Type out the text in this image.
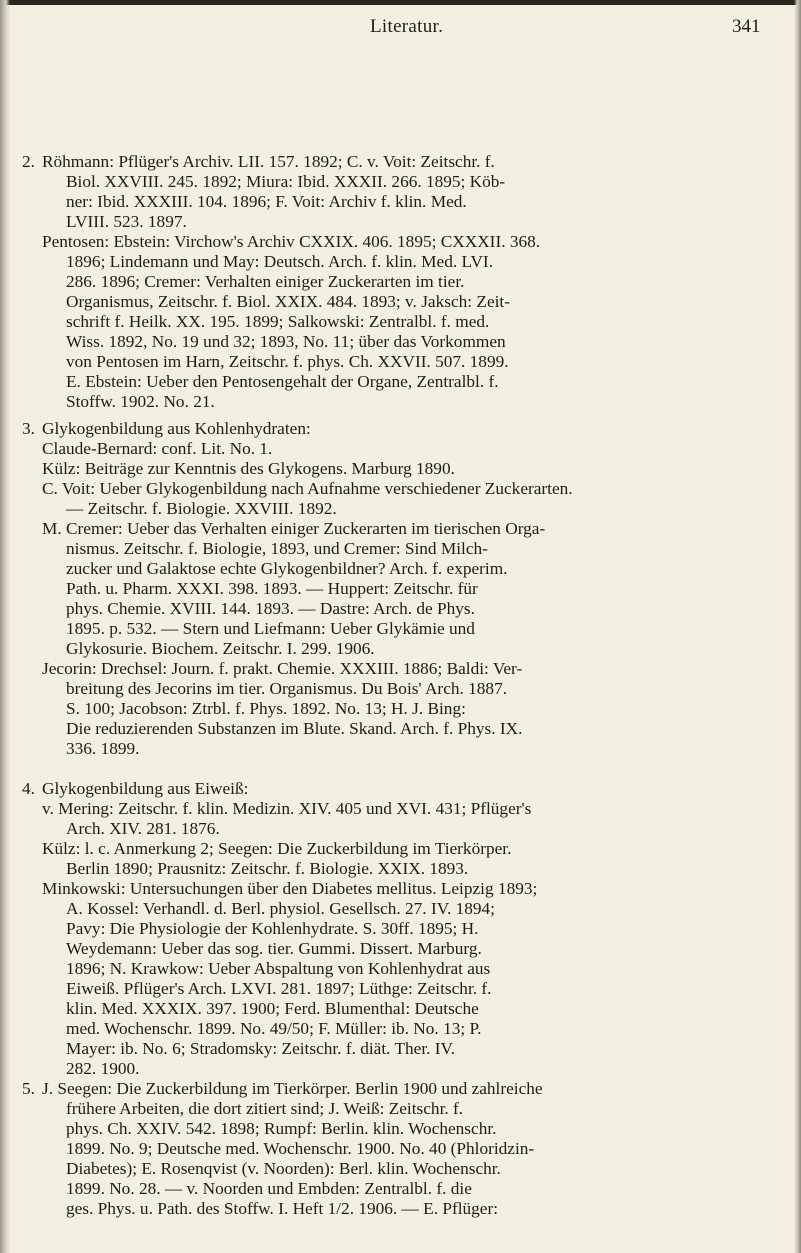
Literatur.	341
2. Röhmann: Pflüger's Archiv. LII. 157. 1892; C. v. Voit: Zeitschr. f.
Biol. XXVIII. 245. 1892; Miura: Ibid. XXXII. 266. 1895; Köb-
ner: Ibid. XXXIII. 104. 1896; F. Voit: Archiv f. klin. Med.
LVIII. 523. 1897.
Pentosen: Ebstein: Virchow's Archiv CXXIX. 406. 1895; CXXXII. 368.
1896; Lindemann und May: Deutsch. Arch. f. klin. Med. LVI.
286. 1896; Cremer: Verhalten einiger Zuckerarten im tier.
Organismus, Zeitschr. f. Biol. XXIX. 484. 1893; v. Jaksch: Zeit-
schrift f. Heilk. XX. 195. 1899; Salkowski: Zentralbl. f. med.
Wiss. 1892, No. 19 und 32; 1893, No. 11; über das Vorkommen
von Pentosen im Harn, Zeitschr. f. phys. Ch. XXVII. 507. 1899.
E. Ebstein: Ueber den Pentosengehalt der Organe, Zentralbl. f.
Stoffw. 1902. No. 21.
3. Glykogenbildung aus Kohlenhydraten:
Claude-Bernard: conf. Lit. No. 1.
Külz: Beiträge zur Kenntnis des Glykogens. Marburg 1890.
C. Voit: Ueber Glykogenbildung nach Aufnahme verschiedener Zuckerarten.
— Zeitschr. f. Biologie. XXVIII. 1892.
M. Cremer: Ueber das Verhalten einiger Zuckerarten im tierischen Orga-
nismus. Zeitschr. f. Biologie, 1893, und Cremer: Sind Milch-
zucker und Galaktose echte Glykogenbildner? Arch. f. experim.
Path. u. Pharm. XXXI. 398. 1893. — Huppert: Zeitschr. für
phys. Chemie. XVIII. 144. 1893. — Dastre: Arch. de Phys.
1895. p. 532. — Stern und Liefmann: Ueber Glykämie und
Glykosurie. Biochem. Zeitschr. I. 299. 1906.
Jecorin: Drechsel: Journ. f. prakt. Chemie. XXXIII. 1886; Baldi: Ver-
breitung des Jecorins im tier. Organismus. Du Bois' Arch. 1887.
S. 100; Jacobson: Ztrbl. f. Phys. 1892. No. 13; H. J. Bing:
Die reduzierenden Substanzen im Blute. Skand. Arch. f. Phys. IX.
336. 1899.
4. Glykogenbildung aus Eiweiß:
v. Mering: Zeitschr. f. klin. Medizin. XIV. 405 und XVI. 431; Pflüger's
Arch. XIV. 281. 1876.
Külz: l. c. Anmerkung 2; Seegen: Die Zuckerbildung im Tierkörper.
Berlin 1890; Prausnitz: Zeitschr. f. Biologie. XXIX. 1893.
Minkowski: Untersuchungen über den Diabetes mellitus. Leipzig 1893;
A. Kossel: Verhandl. d. Berl. physiol. Gesellsch. 27. IV. 1894;
Pavy: Die Physiologie der Kohlenhydrate. S. 30ff. 1895; H.
Weydemann: Ueber das sog. tier. Gummi. Dissert. Marburg.
1896; N. Krawkow: Ueber Abspaltung von Kohlenhydrat aus
Eiweiß. Pflüger's Arch. LXVI. 281. 1897; Lüthge: Zeitschr. f.
klin. Med. XXXIX. 397. 1900; Ferd. Blumenthal: Deutsche
med. Wochenschr. 1899. No. 49/50; F. Müller: ib. No. 13; P.
Mayer: ib. No. 6; Stradomsky: Zeitschr. f. diät. Ther. IV.
282. 1900.
5. J. Seegen: Die Zuckerbildung im Tierkörper. Berlin 1900 und zahlreiche
frühere Arbeiten, die dort zitiert sind; J. Weiß: Zeitschr. f.
phys. Ch. XXIV. 542. 1898; Rumpf: Berlin. klin. Wochenschr.
1899. No. 9; Deutsche med. Wochenschr. 1900. No. 40 (Phloridzin-
Diabetes); E. Rosenqvist (v. Noorden): Berl. klin. Wochenschr.
1899. No. 28. — v. Noorden und Embden: Zentralbl. f. die
ges. Phys. u. Path. des Stoffw. I. Heft 1/2. 1906. — E. Pflüger:
